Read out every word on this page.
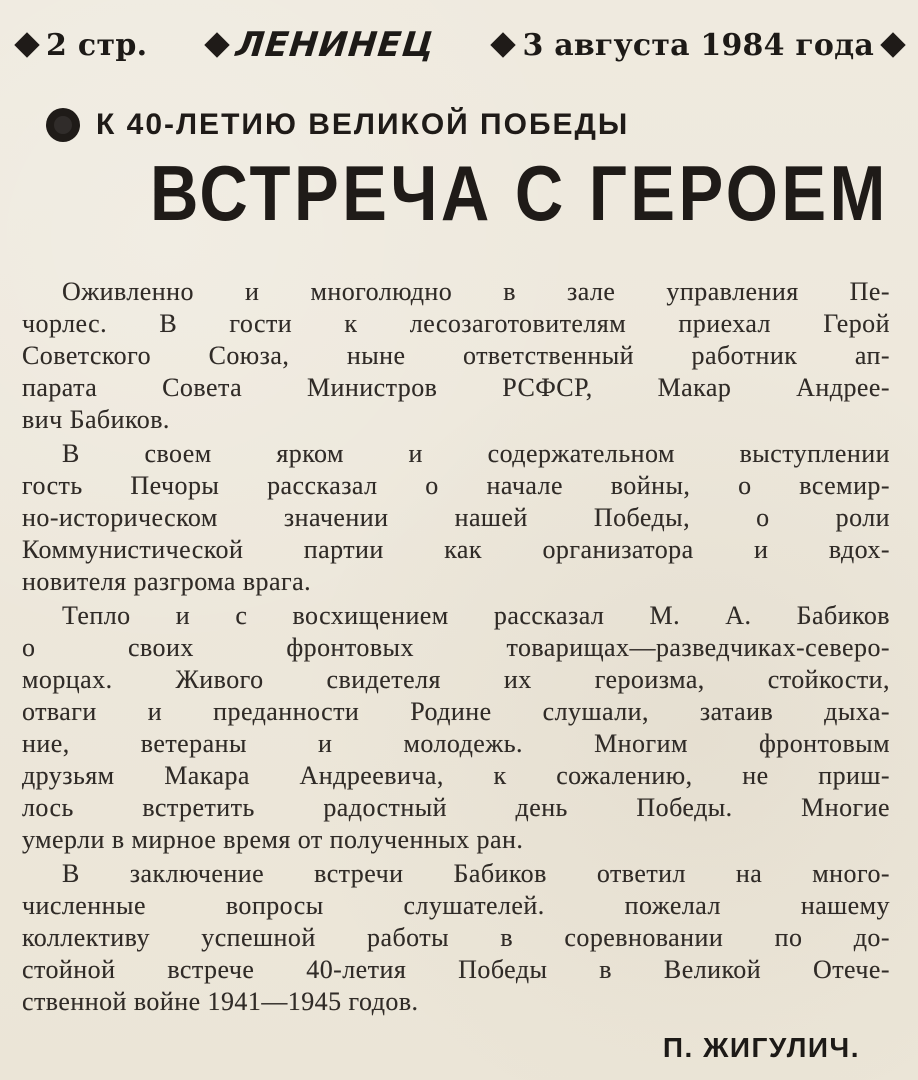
2 стр.	ЛЕНИНЕЦ	3 августа 1984 года
К 40-ЛЕТИЮ ВЕЛИКОЙ ПОБЕДЫ
ВСТРЕЧА С ГЕРОЕМ
Оживленно и многолюдно в зале управления Пе-
чорлес. В гости к лесозаготовителям приехал Герой
Советского Союза, ныне ответственный работник ап-
парата Совета Министров РСФСР, Макар Андрее-
вич Бабиков.
В своем ярком и содержательном выступлении
гость Печоры рассказал о начале войны, о всемир-
но-историческом значении нашей Победы, о роли
Коммунистической партии как организатора и вдох-
новителя разгрома врага.
Тепло и с восхищением рассказал М. А. Бабиков
о своих фронтовых товарищах—разведчиках-северо-
морцах. Живого свидетеля их героизма, стойкости,
отваги и преданности Родине слушали, затаив дыха-
ние, ветераны и молодежь. Многим фронтовым
друзьям Макара Андреевича, к сожалению, не приш-
лось встретить радостный день Победы. Многие
умерли в мирное время от полученных ран.
В заключение встречи Бабиков ответил на много-
численные вопросы слушателей. пожелал нашему
коллективу успешной работы в соревновании по до-
стойной встрече 40-летия Победы в Великой Отече-
ственной войне 1941—1945 годов.
П. ЖИГУЛИЧ.
